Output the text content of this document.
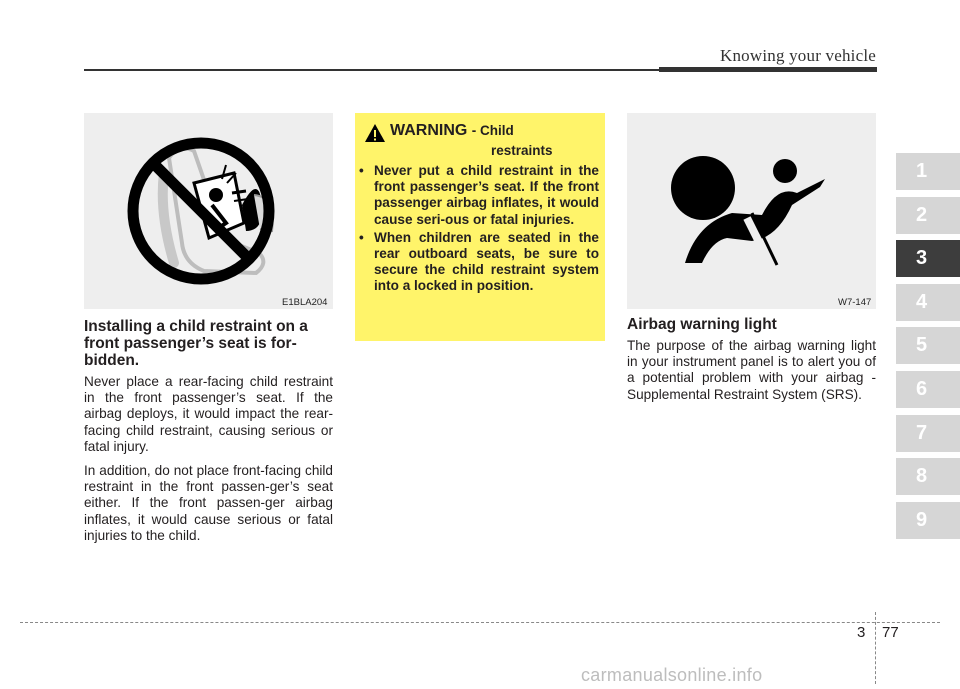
Knowing your vehicle
1
2
3
4
5
6
7
8
9
E1BLA204
Installing a child restraint on a front passenger’s seat is for-bidden.

Never place a rear-facing child restraint in the front passenger’s seat. If the airbag deploys, it would impact the rear-facing child restraint, causing serious or fatal injury.

In addition, do not place front-facing child restraint in the front passen-ger’s seat either. If the front passen-ger airbag inflates, it would cause serious or fatal injuries to the child.

WARNING - Child
restraints
• Never put a child restraint in the front passenger’s seat. If the front passenger airbag inflates, it would cause seri-ous or fatal injuries.
• When children are seated in the rear outboard seats, be sure to secure the child restraint system into a locked in position.
W7-147
Airbag warning light

The purpose of the airbag warning light in your instrument panel is to alert you of a potential problem with your airbag - Supplemental Restraint System (SRS).

3 77
carmanualsonline.info
